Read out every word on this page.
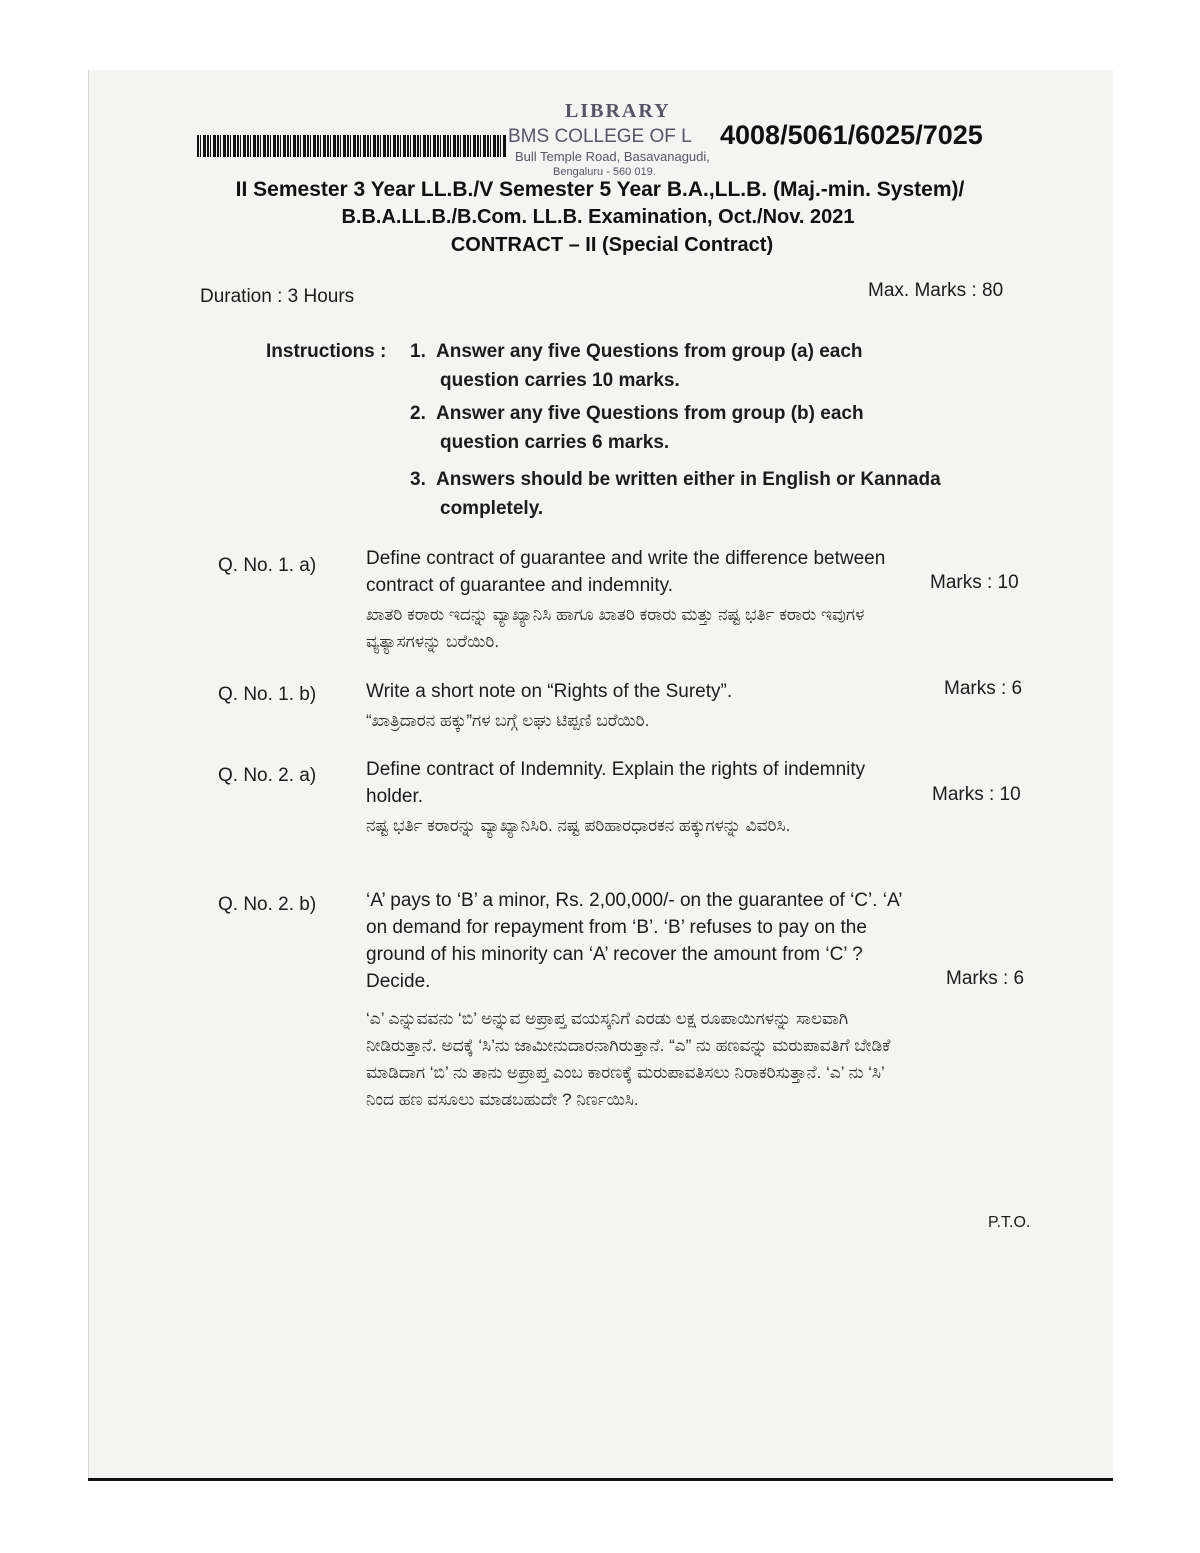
LIBRARY
BMS COLLEGE OF L
Bull Temple Road, Basavanagudi,
Bengaluru - 560 019.
4008/5061/6025/7025
II Semester 3 Year LL.B./V Semester 5 Year B.A.,LL.B. (Maj.-min. System)/
B.B.A.LL.B./B.Com. LL.B. Examination, Oct./Nov. 2021
CONTRACT – II (Special Contract)
Duration : 3 Hours	Max. Marks : 80
Instructions : 1. Answer any five Questions from group (a) each
question carries 10 marks.
2. Answer any five Questions from group (b) each
question carries 6 marks.
3. Answers should be written either in English or Kannada
completely.
Q. No. 1. a)	Define contract of guarantee and write the difference between contract of guarantee and indemnity.
ಖಾತರಿ ಕರಾರು ಇದನ್ನು ವ್ಯಾಖ್ಯಾನಿಸಿ ಹಾಗೂ ಖಾತರಿ ಕರಾರು ಮತ್ತು ನಷ್ಟ ಭರ್ತಿ ಕರಾರು ಇವುಗಳ ವ್ಯತ್ಯಾಸಗಳನ್ನು ಬರೆಯಿರಿ.
Marks : 10
Q. No. 1. b)	Write a short note on “Rights of the Surety”.
“ಖಾತ್ರಿದಾರನ ಹಕ್ಕು”ಗಳ ಬಗ್ಗೆ ಲಘು ಟಿಪ್ಪಣಿ ಬರೆಯಿರಿ.
Marks : 6
Q. No. 2. a)	Define contract of Indemnity. Explain the rights of indemnity holder.
ನಷ್ಟ ಭರ್ತಿ ಕರಾರನ್ನು ವ್ಯಾಖ್ಯಾನಿಸಿರಿ. ನಷ್ಟ ಪರಿಹಾರಧಾರಕನ ಹಕ್ಕುಗಳನ್ನು ವಿವರಿಸಿ.
Marks : 10
Q. No. 2. b)	‘A’ pays to ‘B’ a minor, Rs. 2,00,000/- on the guarantee of ‘C’. ‘A’ on demand for repayment from ‘B’. ‘B’ refuses to pay on the ground of his minority can ‘A’ recover the amount from ‘C’ ? Decide.
‘ಎ’ ಎನ್ನುವವನು ‘ಬಿ’ ಅನ್ನುವ ಅಪ್ರಾಪ್ತ ವಯಸ್ಕನಿಗೆ ಎರಡು ಲಕ್ಷ ರೂಪಾಯಿಗಳನ್ನು ಸಾಲವಾಗಿ ನೀಡಿರುತ್ತಾನೆ. ಅದಕ್ಕೆ ‘ಸಿ’ನು ಜಾಮೀನುದಾರನಾಗಿರುತ್ತಾನೆ. “ಎ” ನು ಹಣವನ್ನು ಮರುಪಾವತಿಗೆ ಬೇಡಿಕೆ ಮಾಡಿದಾಗ ‘ಬಿ’ ನು ತಾನು ಅಪ್ರಾಪ್ತ ಎಂಬ ಕಾರಣಕ್ಕೆ ಮರುಪಾವತಿಸಲು ನಿರಾಕರಿಸುತ್ತಾನೆ. ‘ಎ’ ನು ‘ಸಿ’ ನಿಂದ ಹಣ ವಸೂಲು ಮಾಡಬಹುದೇ ? ನಿರ್ಣಯಿಸಿ.
Marks : 6
P.T.O.
